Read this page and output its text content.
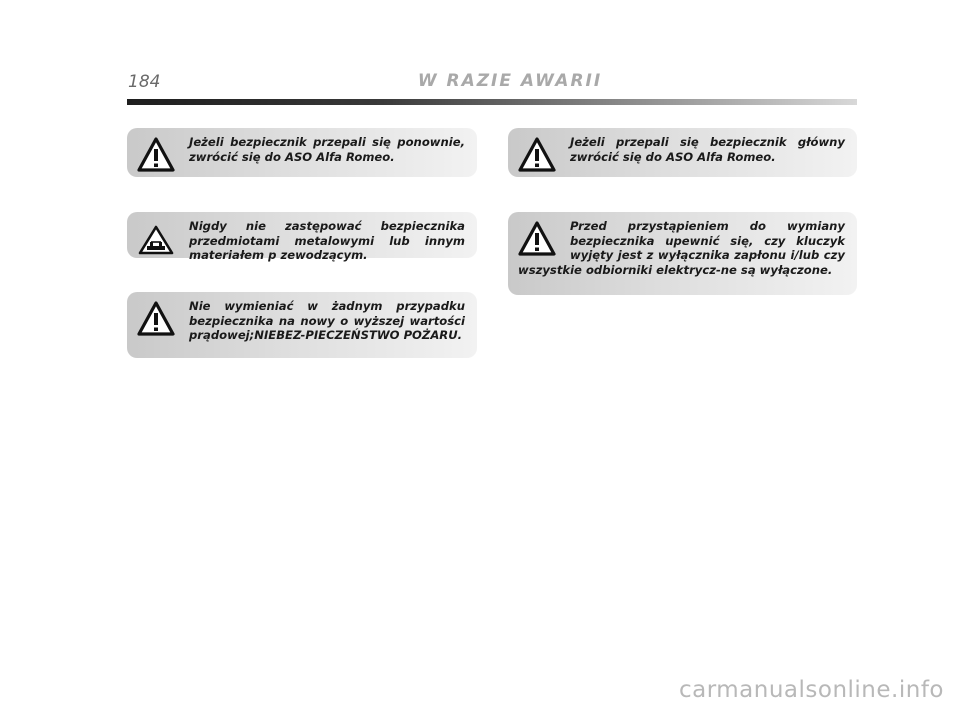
184	W RAZIE AWARII
Jeżeli bezpiecznik przepali się ponownie, zwrócić się do ASO Alfa Romeo.
Nigdy nie zastępować bezpiecznika przedmiotami metalowymi lub innym materiałem p zewodzącym.
Nie wymieniać w żadnym przypadku bezpiecznika na nowy o wyższej wartości prądowej;NIEBEZ-PIECZEŃSTWO POŻARU.
Jeżeli przepali się bezpiecznik główny zwrócić się do ASO Alfa Romeo.
Przed przystąpieniem do wymiany bezpiecznika upewnić się, czy kluczyk wyjęty jest z wyłącznika zapłonu i/lub czy wszystkie odbiorniki elektrycz-ne są wyłączone.
carmanualsonline.info
